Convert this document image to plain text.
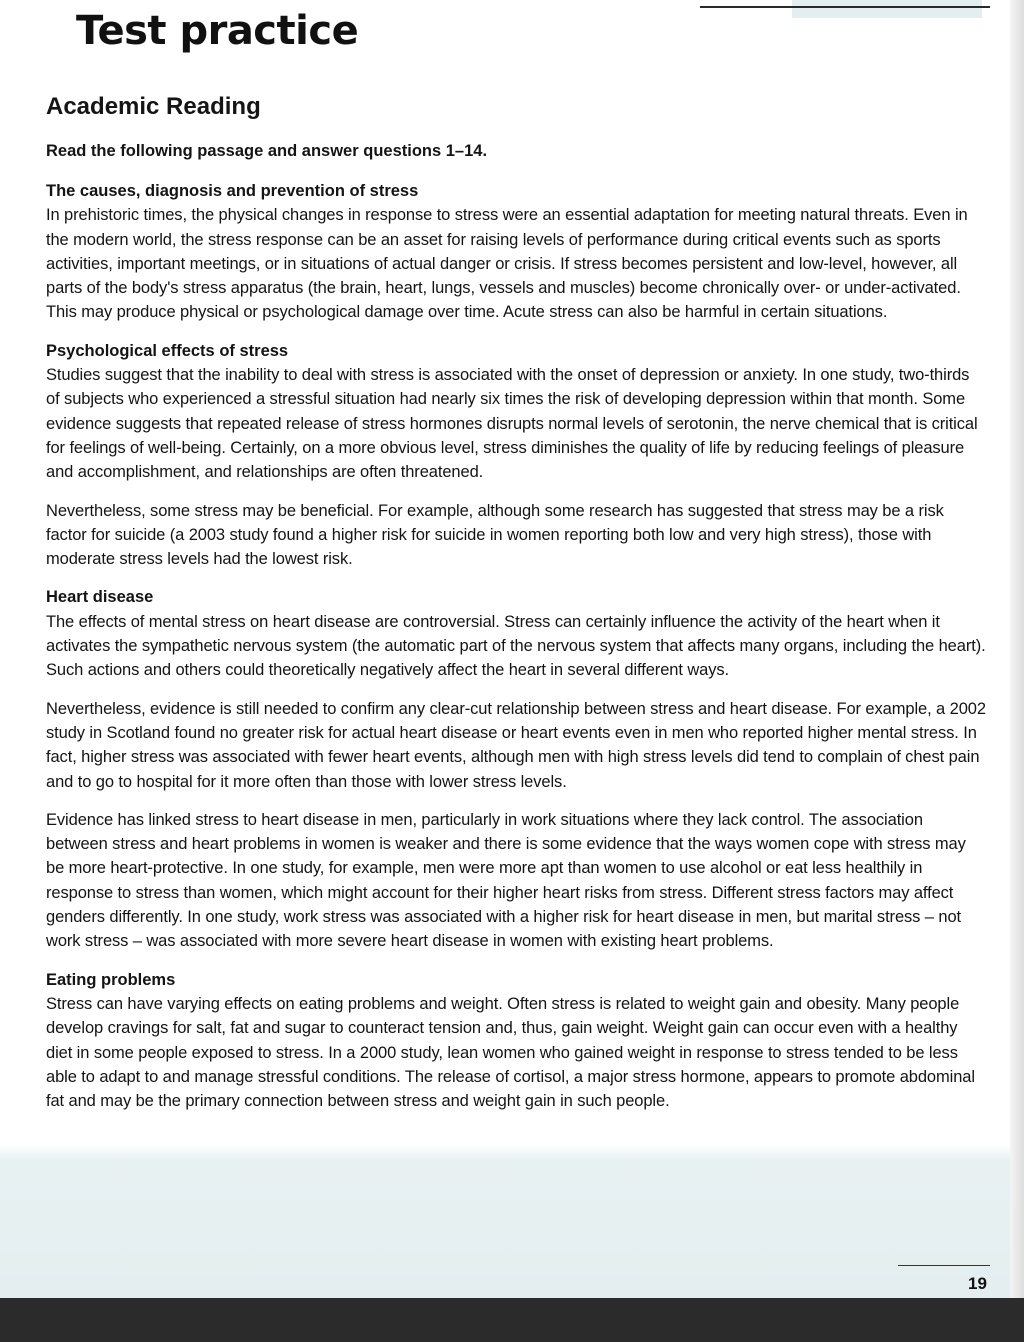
Test practice
Academic Reading

Read the following passage and answer questions 1–14.

The causes, diagnosis and prevention of stress

In prehistoric times, the physical changes in response to stress were an essential adaptation for meeting natural threats. Even in the modern world, the stress response can be an asset for raising levels of performance during critical events such as sports activities, important meetings, or in situations of actual danger or crisis. If stress becomes persistent and low-level, however, all parts of the body's stress apparatus (the brain, heart, lungs, vessels and muscles) become chronically over- or under-activated. This may produce physical or psychological damage over time. Acute stress can also be harmful in certain situations.

Psychological effects of stress

Studies suggest that the inability to deal with stress is associated with the onset of depression or anxiety. In one study, two-thirds of subjects who experienced a stressful situation had nearly six times the risk of developing depression within that month. Some evidence suggests that repeated release of stress hormones disrupts normal levels of serotonin, the nerve chemical that is critical for feelings of well-being. Certainly, on a more obvious level, stress diminishes the quality of life by reducing feelings of pleasure and accomplishment, and relationships are often threatened.

Nevertheless, some stress may be beneficial. For example, although some research has suggested that stress may be a risk factor for suicide (a 2003 study found a higher risk for suicide in women reporting both low and very high stress), those with moderate stress levels had the lowest risk.

Heart disease

The effects of mental stress on heart disease are controversial. Stress can certainly influence the activity of the heart when it activates the sympathetic nervous system (the automatic part of the nervous system that affects many organs, including the heart). Such actions and others could theoretically negatively affect the heart in several different ways.

Nevertheless, evidence is still needed to confirm any clear-cut relationship between stress and heart disease. For example, a 2002 study in Scotland found no greater risk for actual heart disease or heart events even in men who reported higher mental stress. In fact, higher stress was associated with fewer heart events, although men with high stress levels did tend to complain of chest pain and to go to hospital for it more often than those with lower stress levels.

Evidence has linked stress to heart disease in men, particularly in work situations where they lack control. The association between stress and heart problems in women is weaker and there is some evidence that the ways women cope with stress may be more heart-protective. In one study, for example, men were more apt than women to use alcohol or eat less healthily in response to stress than women, which might account for their higher heart risks from stress. Different stress factors may affect genders differently. In one study, work stress was associated with a higher risk for heart disease in men, but marital stress – not work stress – was associated with more severe heart disease in women with existing heart problems.

Eating problems

Stress can have varying effects on eating problems and weight. Often stress is related to weight gain and obesity. Many people develop cravings for salt, fat and sugar to counteract tension and, thus, gain weight. Weight gain can occur even with a healthy diet in some people exposed to stress. In a 2000 study, lean women who gained weight in response to stress tended to be less able to adapt to and manage stressful conditions. The release of cortisol, a major stress hormone, appears to promote abdominal fat and may be the primary connection between stress and weight gain in such people.

19
